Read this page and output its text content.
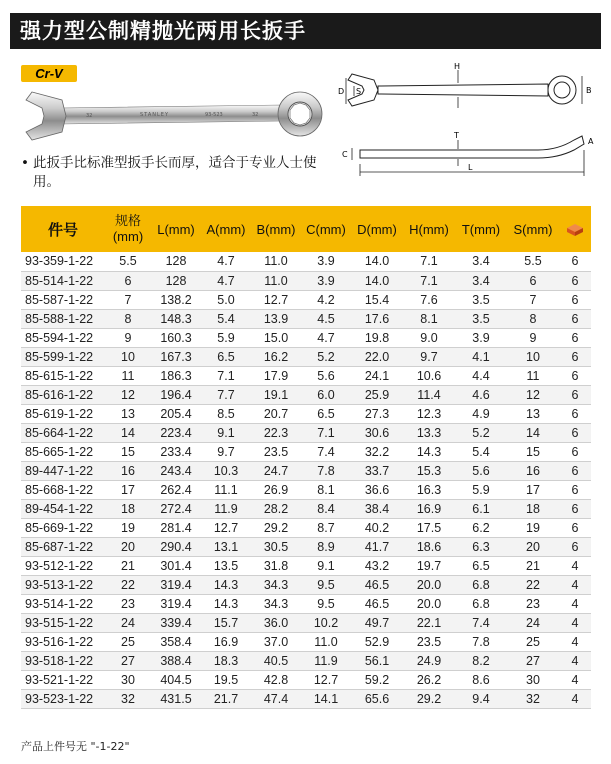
强力型公制精抛光两用长扳手
Cr-V
32	STANLEY	93-523	32
H
B
D S
T
C
A
L
• 此扳手比标准型扳手长而厚，适合于专业人士使用。
件号	规格
(mm)	L(mm)	A(mm)	B(mm)	C(mm)	D(mm)	H(mm)	T(mm)	S(mm)	
93-359-1-22	5.5	128	4.7	11.0	3.9	14.0	7.1	3.4	5.5	6
85-514-1-22	6	128	4.7	11.0	3.9	14.0	7.1	3.4	6	6
85-587-1-22	7	138.2	5.0	12.7	4.2	15.4	7.6	3.5	7	6
85-588-1-22	8	148.3	5.4	13.9	4.5	17.6	8.1	3.5	8	6
85-594-1-22	9	160.3	5.9	15.0	4.7	19.8	9.0	3.9	9	6
85-599-1-22	10	167.3	6.5	16.2	5.2	22.0	9.7	4.1	10	6
85-615-1-22	11	186.3	7.1	17.9	5.6	24.1	10.6	4.4	11	6
85-616-1-22	12	196.4	7.7	19.1	6.0	25.9	11.4	4.6	12	6
85-619-1-22	13	205.4	8.5	20.7	6.5	27.3	12.3	4.9	13	6
85-664-1-22	14	223.4	9.1	22.3	7.1	30.6	13.3	5.2	14	6
85-665-1-22	15	233.4	9.7	23.5	7.4	32.2	14.3	5.4	15	6
89-447-1-22	16	243.4	10.3	24.7	7.8	33.7	15.3	5.6	16	6
85-668-1-22	17	262.4	11.1	26.9	8.1	36.6	16.3	5.9	17	6
89-454-1-22	18	272.4	11.9	28.2	8.4	38.4	16.9	6.1	18	6
85-669-1-22	19	281.4	12.7	29.2	8.7	40.2	17.5	6.2	19	6
85-687-1-22	20	290.4	13.1	30.5	8.9	41.7	18.6	6.3	20	6
93-512-1-22	21	301.4	13.5	31.8	9.1	43.2	19.7	6.5	21	4
93-513-1-22	22	319.4	14.3	34.3	9.5	46.5	20.0	6.8	22	4
93-514-1-22	23	319.4	14.3	34.3	9.5	46.5	20.0	6.8	23	4
93-515-1-22	24	339.4	15.7	36.0	10.2	49.7	22.1	7.4	24	4
93-516-1-22	25	358.4	16.9	37.0	11.0	52.9	23.5	7.8	25	4
93-518-1-22	27	388.4	18.3	40.5	11.9	56.1	24.9	8.2	27	4
93-521-1-22	30	404.5	19.5	42.8	12.7	59.2	26.2	8.6	30	4
93-523-1-22	32	431.5	21.7	47.4	14.1	65.6	29.2	9.4	32	4
产品上件号无 "-1-22"
